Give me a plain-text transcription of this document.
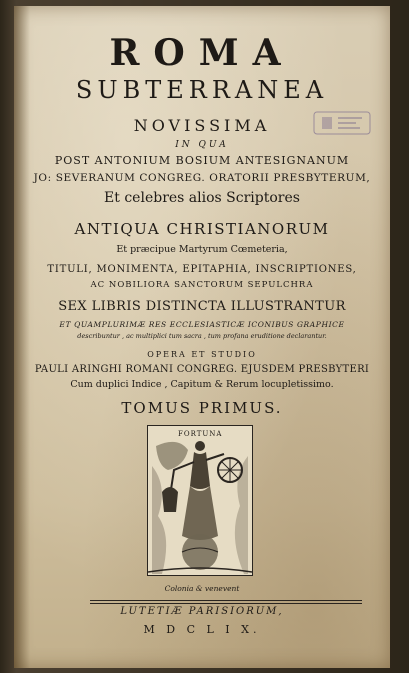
ROMA
SUBTERRANEA
NOVISSIMA
IN QUA
POST ANTONIUM BOSIUM ANTESIGNANUM
JO: SEVERANUM CONGREG. ORATORII PRESBYTERUM,
Et celebres alios Scriptores
ANTIQUA CHRISTIANORUM
Et præcipue Martyrum Cœmeteria,
TITULI, MONIMENTA, EPITAPHIA, INSCRIPTIONES,
AC NOBILIORA SANCTORUM SEPULCHRA
SEX LIBRIS DISTINCTA ILLUSTRANTUR
ET QUAMPLURIMÆ RES ECCLESIASTICÆ ICONIBUS GRAPHICE
describuntur , ac multiplici tum sacra , tum profana eruditione declarantur.
OPERA ET STUDIO
PAULI ARINGHI ROMANI CONGREG. EJUSDEM PRESBYTERI
Cum duplici Indice , Capitum & Rerum locupletissimo.
TOMUS PRIMUS.
FORTUNA
Colonia & venevent
LUTETIÆ PARISIORUM,
M D C L I X.
